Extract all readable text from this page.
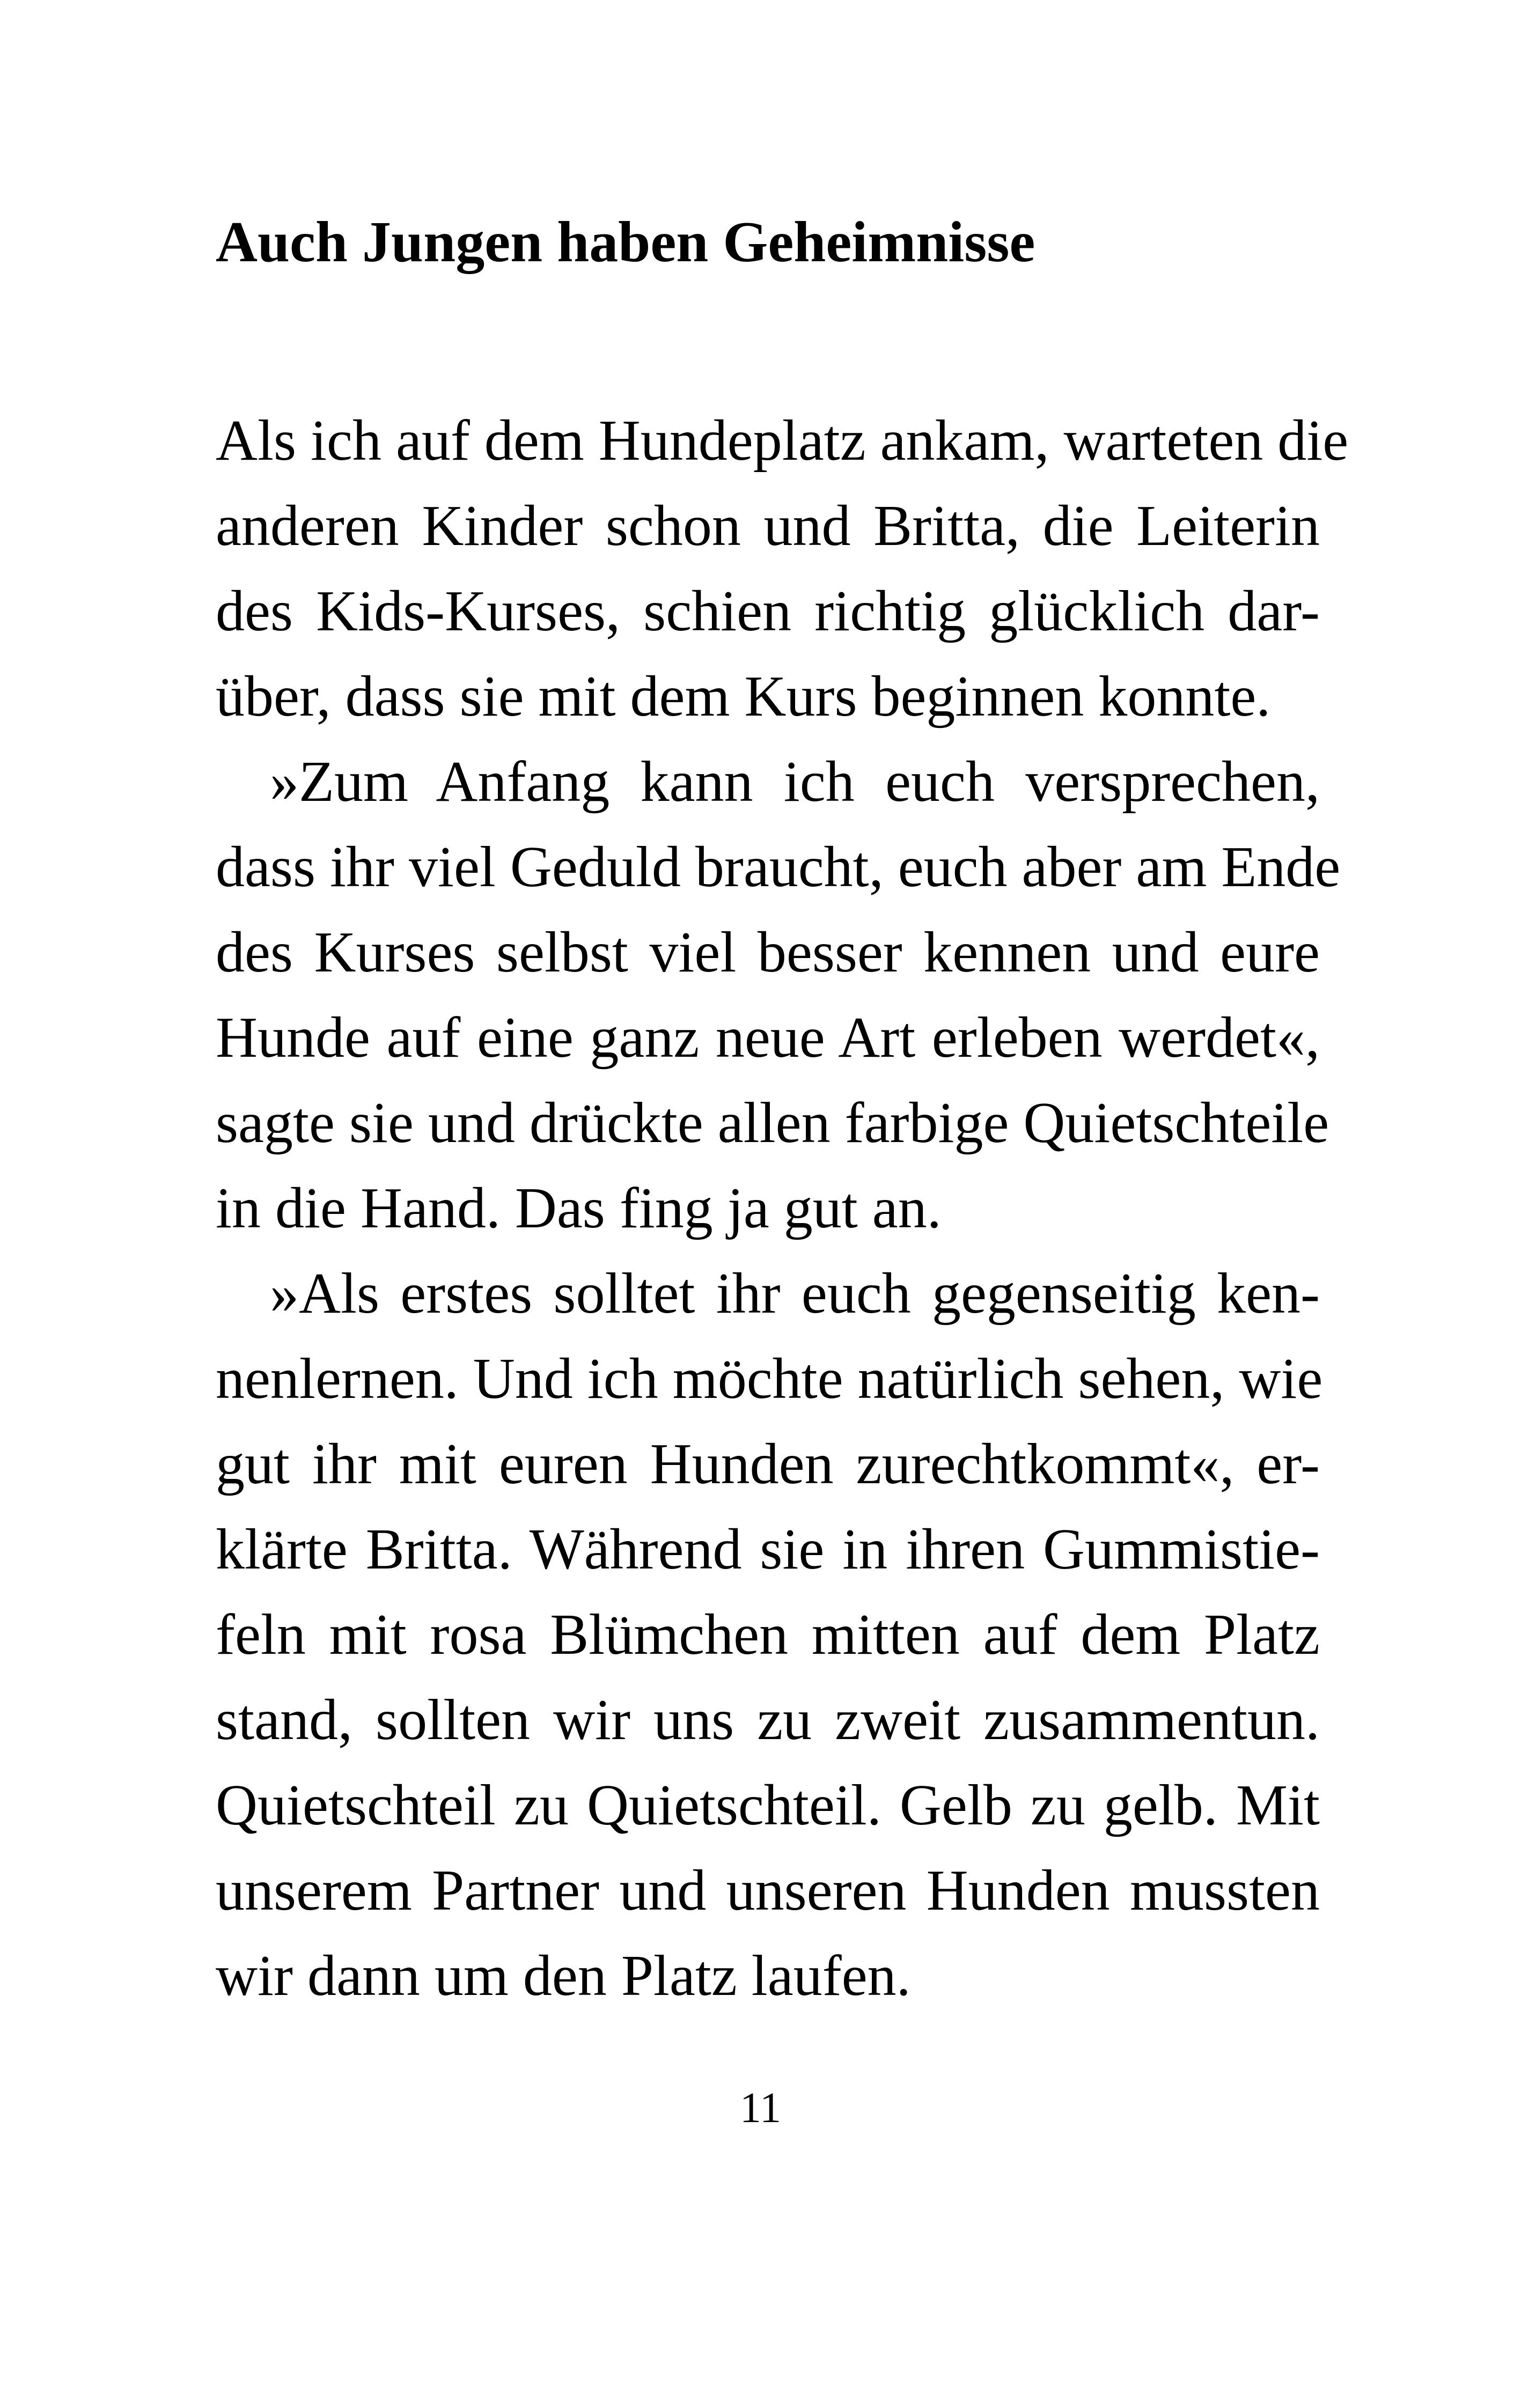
Auch Jungen haben Geheimnisse
Als ich auf dem Hundeplatz ankam, warteten die
anderen Kinder schon und Britta, die Leiterin
des Kids-Kurses, schien richtig glücklich dar-
über, dass sie mit dem Kurs beginnen konnte.
»Zum Anfang kann ich euch versprechen,
dass ihr viel Geduld braucht, euch aber am Ende
des Kurses selbst viel besser kennen und eure
Hunde auf eine ganz neue Art erleben werdet«,
sagte sie und drückte allen farbige Quietschteile
in die Hand. Das fing ja gut an.
»Als erstes solltet ihr euch gegenseitig ken-
nenlernen. Und ich möchte natürlich sehen, wie
gut ihr mit euren Hunden zurechtkommt«, er-
klärte Britta. Während sie in ihren Gummistie-
feln mit rosa Blümchen mitten auf dem Platz
stand, sollten wir uns zu zweit zusammentun.
Quietschteil zu Quietschteil. Gelb zu gelb. Mit
unserem Partner und unseren Hunden mussten
wir dann um den Platz laufen.
11
